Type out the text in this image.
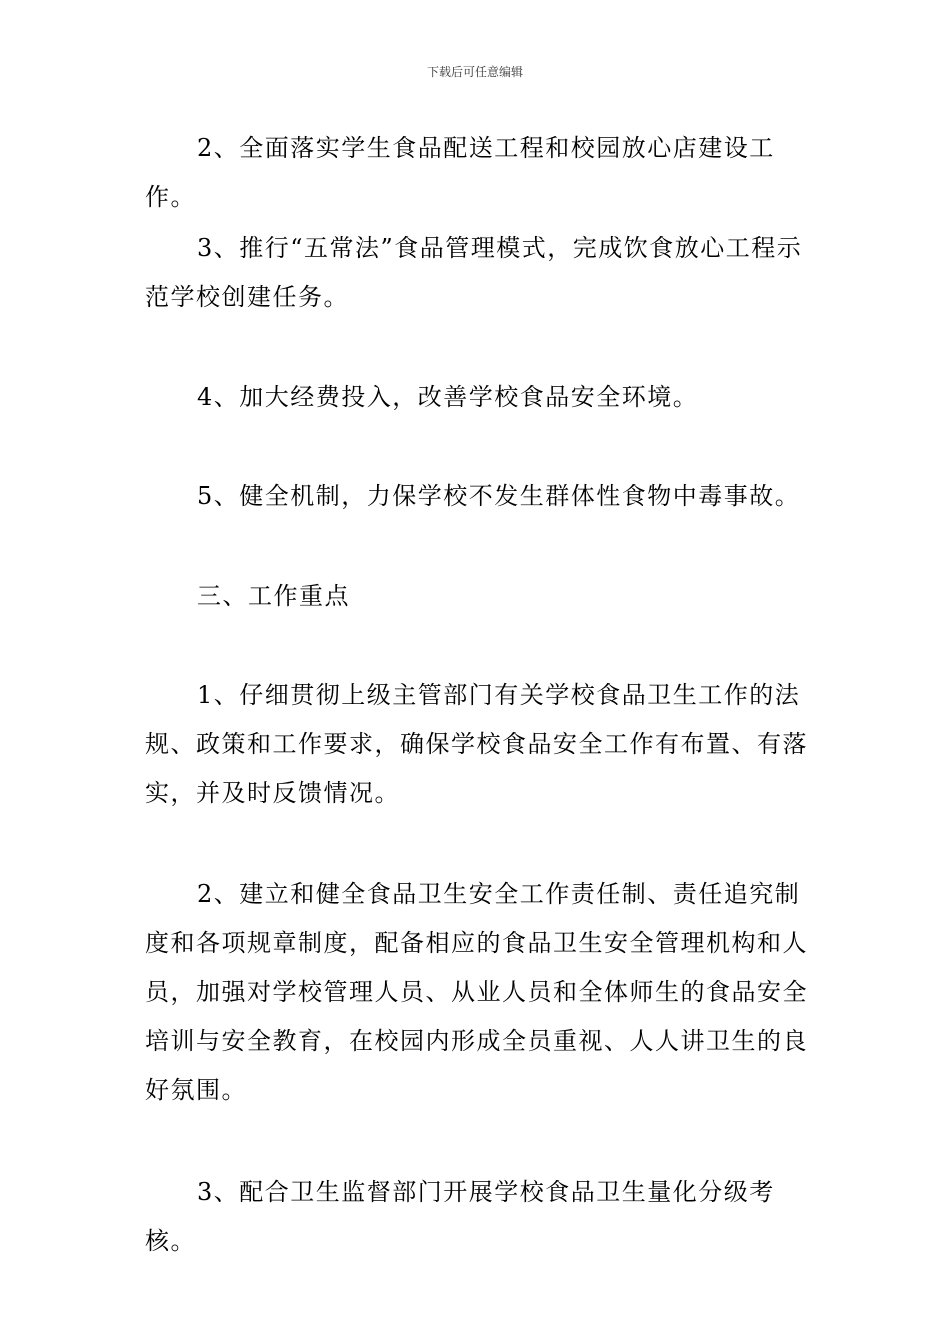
下载后可任意编辑

2、全面落实学生食品配送工程和校园放心店建设工作。

3、推行“五常法”食品管理模式，完成饮食放心工程示范学校创建任务。

4、加大经费投入，改善学校食品安全环境。

5、健全机制，力保学校不发生群体性食物中毒事故。

三、工作重点

1、仔细贯彻上级主管部门有关学校食品卫生工作的法规、政策和工作要求，确保学校食品安全工作有布置、有落实，并及时反馈情况。

2、建立和健全食品卫生安全工作责任制、责任追究制度和各项规章制度，配备相应的食品卫生安全管理机构和人员，加强对学校管理人员、从业人员和全体师生的食品安全培训与安全教育，在校园内形成全员重视、人人讲卫生的良好氛围。

3、配合卫生监督部门开展学校食品卫生量化分级考核。
